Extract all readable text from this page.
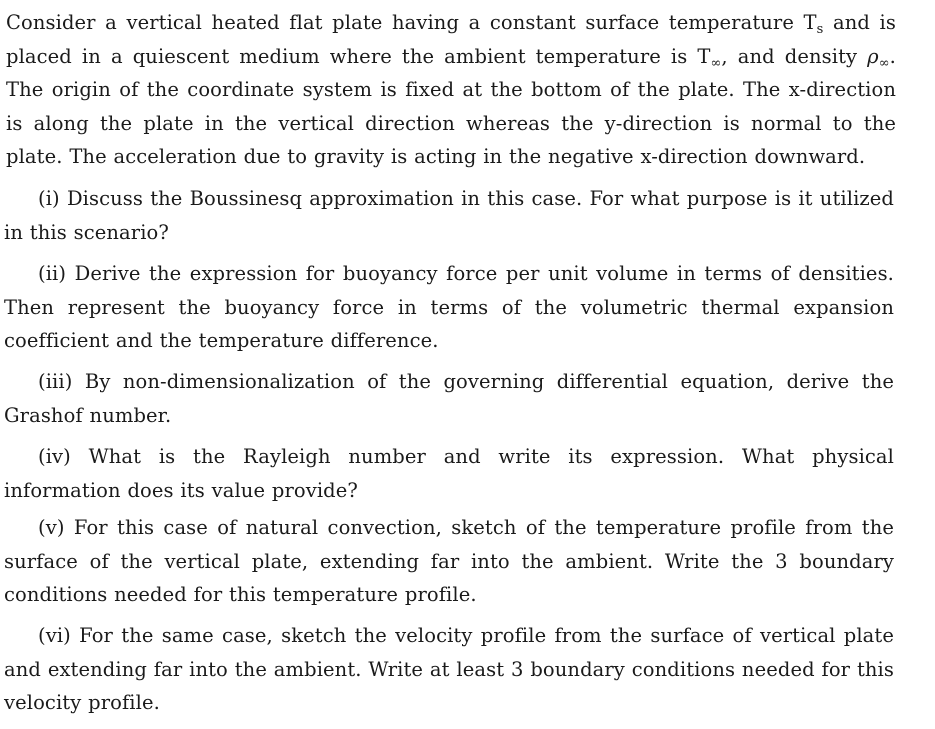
Consider a vertical heated flat plate having a constant surface temperature $T_s$ and is placed in a quiescent medium where the ambient temperature is $T_\infty$, and density $\rho_\infty$. The origin of the coordinate system is fixed at the bottom of the plate. The x-direction is along the plate in the vertical direction whereas the y-direction is normal to the plate. The acceleration due to gravity is acting in the negative x-direction downward.

(i) Discuss the Boussinesq approximation in this case. For what purpose is it utilized in this scenario?

(ii) Derive the expression for buoyancy force per unit volume in terms of densities. Then represent the buoyancy force in terms of the volumetric thermal expansion coefficient and the temperature difference.

(iii) By non-dimensionalization of the governing differential equation, derive the Grashof number.

(iv) What is the Rayleigh number and write its expression. What physical information does its value provide?

(v) For this case of natural convection, sketch of the temperature profile from the surface of the vertical plate, extending far into the ambient. Write the 3 boundary conditions needed for this temperature profile.

(vi) For the same case, sketch the velocity profile from the surface of vertical plate and extending far into the ambient. Write at least 3 boundary conditions needed for this velocity profile.
